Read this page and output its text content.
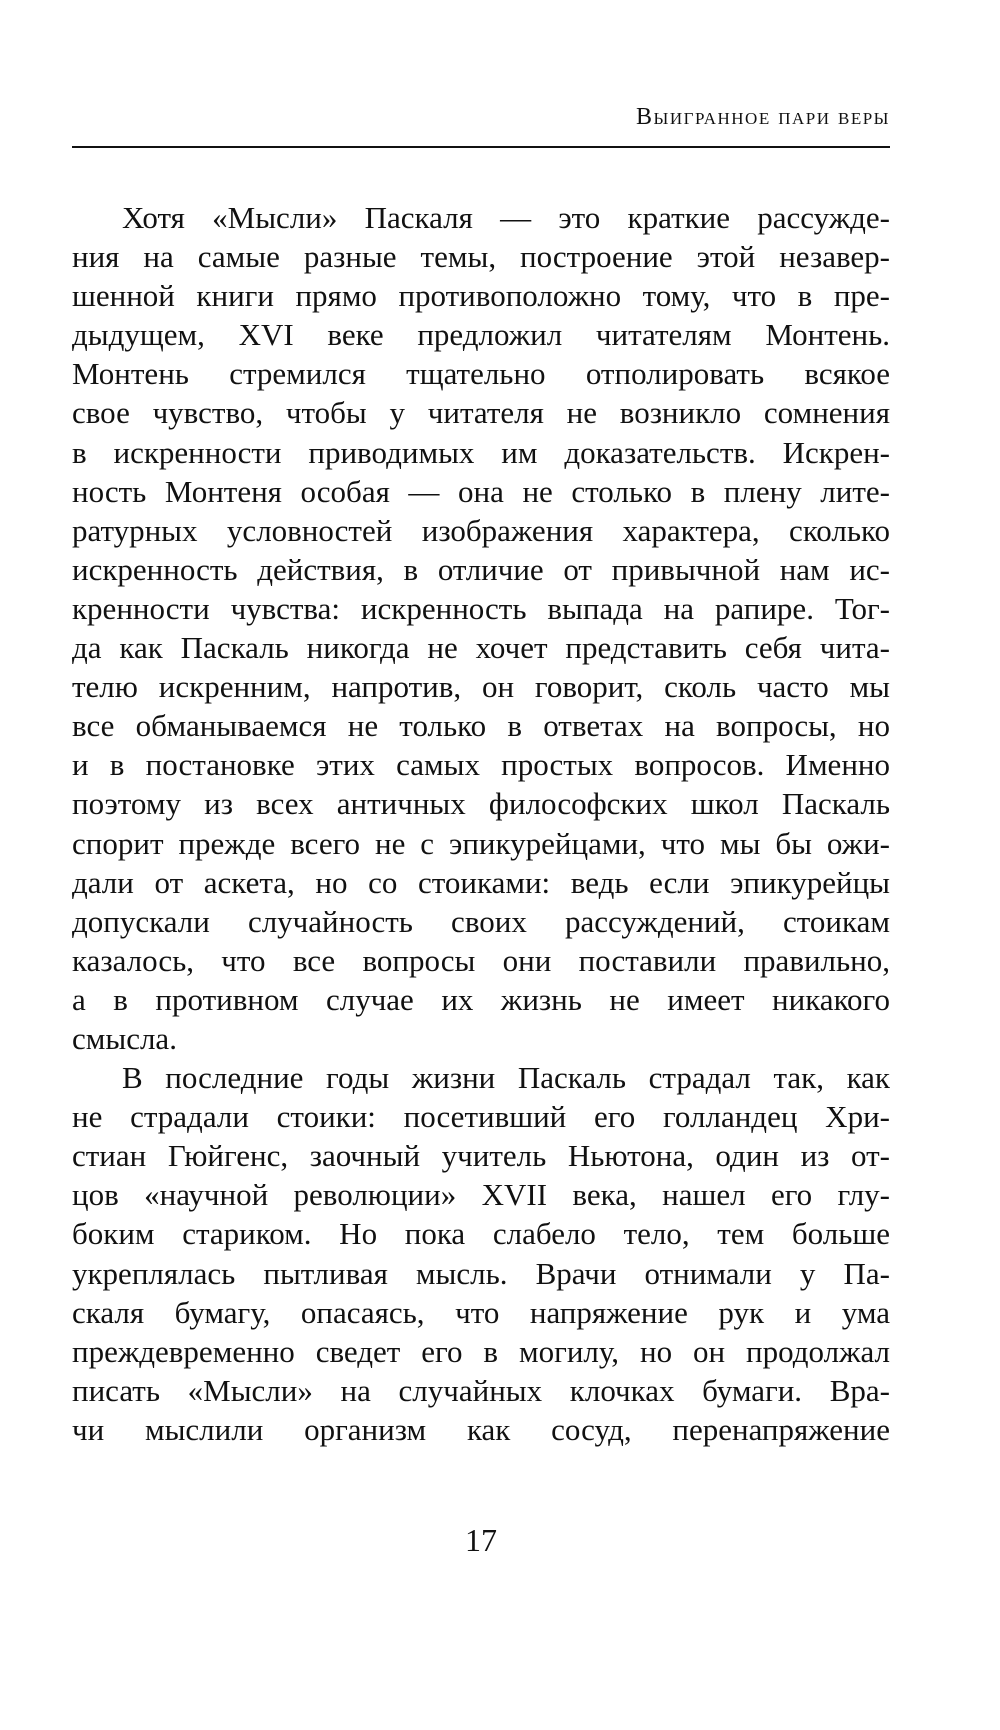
Выигранное пари веры
Хотя «Мысли» Паскаля — это краткие рассужде-
ния на самые разные темы, построение этой незавер-
шенной книги прямо противоположно тому, что в пре-
дыдущем, XVI веке предложил читателям Монтень.
Монтень стремился тщательно отполировать всякое
свое чувство, чтобы у читателя не возникло сомнения
в искренности приводимых им доказательств. Искрен-
ность Монтеня особая — она не столько в плену лите-
ратурных условностей изображения характера, сколько
искренность действия, в отличие от привычной нам ис-
кренности чувства: искренность выпада на рапире. Тог-
да как Паскаль никогда не хочет представить себя чита-
телю искренним, напротив, он говорит, сколь часто мы
все обманываемся не только в ответах на вопросы, но
и в постановке этих самых простых вопросов. Именно
поэтому из всех античных философских школ Паскаль
спорит прежде всего не с эпикурейцами, что мы бы ожи-
дали от аскета, но со стоиками: ведь если эпикурейцы
допускали случайность своих рассуждений, стоикам
казалось, что все вопросы они поставили правильно,
а в противном случае их жизнь не имеет никакого
смысла.
В последние годы жизни Паскаль страдал так, как
не страдали стоики: посетивший его голландец Хри-
стиан Гюйгенс, заочный учитель Ньютона, один из от-
цов «научной революции» XVII века, нашел его глу-
боким стариком. Но пока слабело тело, тем больше
укреплялась пытливая мысль. Врачи отнимали у Па-
скаля бумагу, опасаясь, что напряжение рук и ума
преждевременно сведет его в могилу, но он продолжал
писать «Мысли» на случайных клочках бумаги. Вра-
чи мыслили организм как сосуд, перенапряжение
17
